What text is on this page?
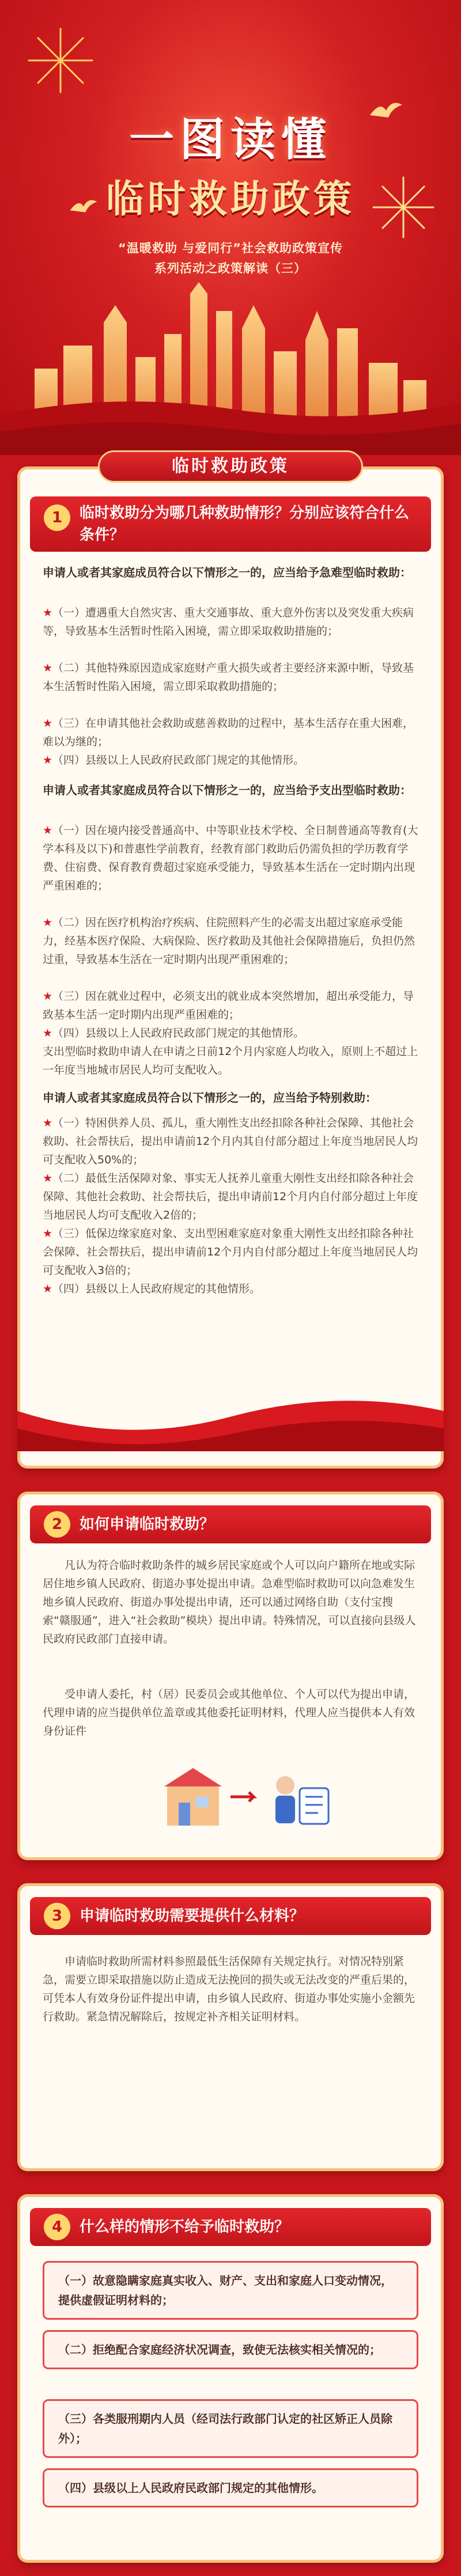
一图读懂
临时救助政策
“温暖救助 与爱同行”社会救助政策宣传
系列活动之政策解读（三）
临时救助政策
1	临时救助分为哪几种救助情形？分别应该符合什么条件？
申请人或者其家庭成员符合以下情形之一的，应当给予急难型临时救助：
★（一）遭遇重大自然灾害、重大交通事故、重大意外伤害以及突发重大疾病等，导致基本生活暂时性陷入困境，需立即采取救助措施的；
★（二）其他特殊原因造成家庭财产重大损失或者主要经济来源中断，导致基本生活暂时性陷入困境，需立即采取救助措施的；
★（三）在申请其他社会救助或慈善救助的过程中，基本生活存在重大困难，难以为继的；
★（四）县级以上人民政府民政部门规定的其他情形。
申请人或者其家庭成员符合以下情形之一的，应当给予支出型临时救助：
★（一）因在境内接受普通高中、中等职业技术学校、全日制普通高等教育(大学本科及以下)和普惠性学前教育，经教育部门救助后仍需负担的学历教育学费、住宿费、保育教育费超过家庭承受能力，导致基本生活在一定时期内出现严重困难的；
★（二）因在医疗机构治疗疾病、住院照料产生的必需支出超过家庭承受能力，经基本医疗保险、大病保险、医疗救助及其他社会保障措施后，负担仍然过重，导致基本生活在一定时期内出现严重困难的；
★（三）因在就业过程中，必须支出的就业成本突然增加，超出承受能力，导致基本生活一定时期内出现严重困难的；
★（四）县级以上人民政府民政部门规定的其他情形。
支出型临时救助申请人在申请之日前12个月内家庭人均收入，原则上不超过上一年度当地城市居民人均可支配收入。
申请人或者其家庭成员符合以下情形之一的，应当给予特别救助：
★（一）特困供养人员、孤儿，重大刚性支出经扣除各种社会保障、其他社会救助、社会帮扶后，提出申请前12个月内其自付部分超过上年度当地居民人均可支配收入50%的；
★（二）最低生活保障对象、事实无人抚养儿童重大刚性支出经扣除各种社会保障、其他社会救助、社会帮扶后，提出申请前12个月内自付部分超过上年度当地居民人均可支配收入2倍的；
★（三）低保边缘家庭对象、支出型困难家庭对象重大刚性支出经扣除各种社会保障、社会帮扶后，提出申请前12个月内自付部分超过上年度当地居民人均可支配收入3倍的；
★（四）县级以上人民政府规定的其他情形。
2	如何申请临时救助？
凡认为符合临时救助条件的城乡居民家庭或个人可以向户籍所在地或实际居住地乡镇人民政府、街道办事处提出申请。急难型临时救助可以向急难发生地乡镇人民政府、街道办事处提出申请，还可以通过网络自助（支付宝搜索“赣服通”，进入“社会救助”模块）提出申请。特殊情况，可以直接向县级人民政府民政部门直接申请。
受申请人委托，村（居）民委员会或其他单位、个人可以代为提出申请，代理申请的应当提供单位盖章或其他委托证明材料，代理人应当提供本人有效身份证件
3	申请临时救助需要提供什么材料？
申请临时救助所需材料参照最低生活保障有关规定执行。对情况特别紧急，需要立即采取措施以防止造成无法挽回的损失或无法改变的严重后果的，可凭本人有效身份证件提出申请，由乡镇人民政府、街道办事处实施小金额先行救助。紧急情况解除后，按规定补齐相关证明材料。
4	什么样的情形不给予临时救助？
（一）故意隐瞒家庭真实收入、财产、支出和家庭人口变动情况，提供虚假证明材料的；
（二）拒绝配合家庭经济状况调查，致使无法核实相关情况的；
（三）各类服刑期内人员（经司法行政部门认定的社区矫正人员除外）；
（四）县级以上人民政府民政部门规定的其他情形。
